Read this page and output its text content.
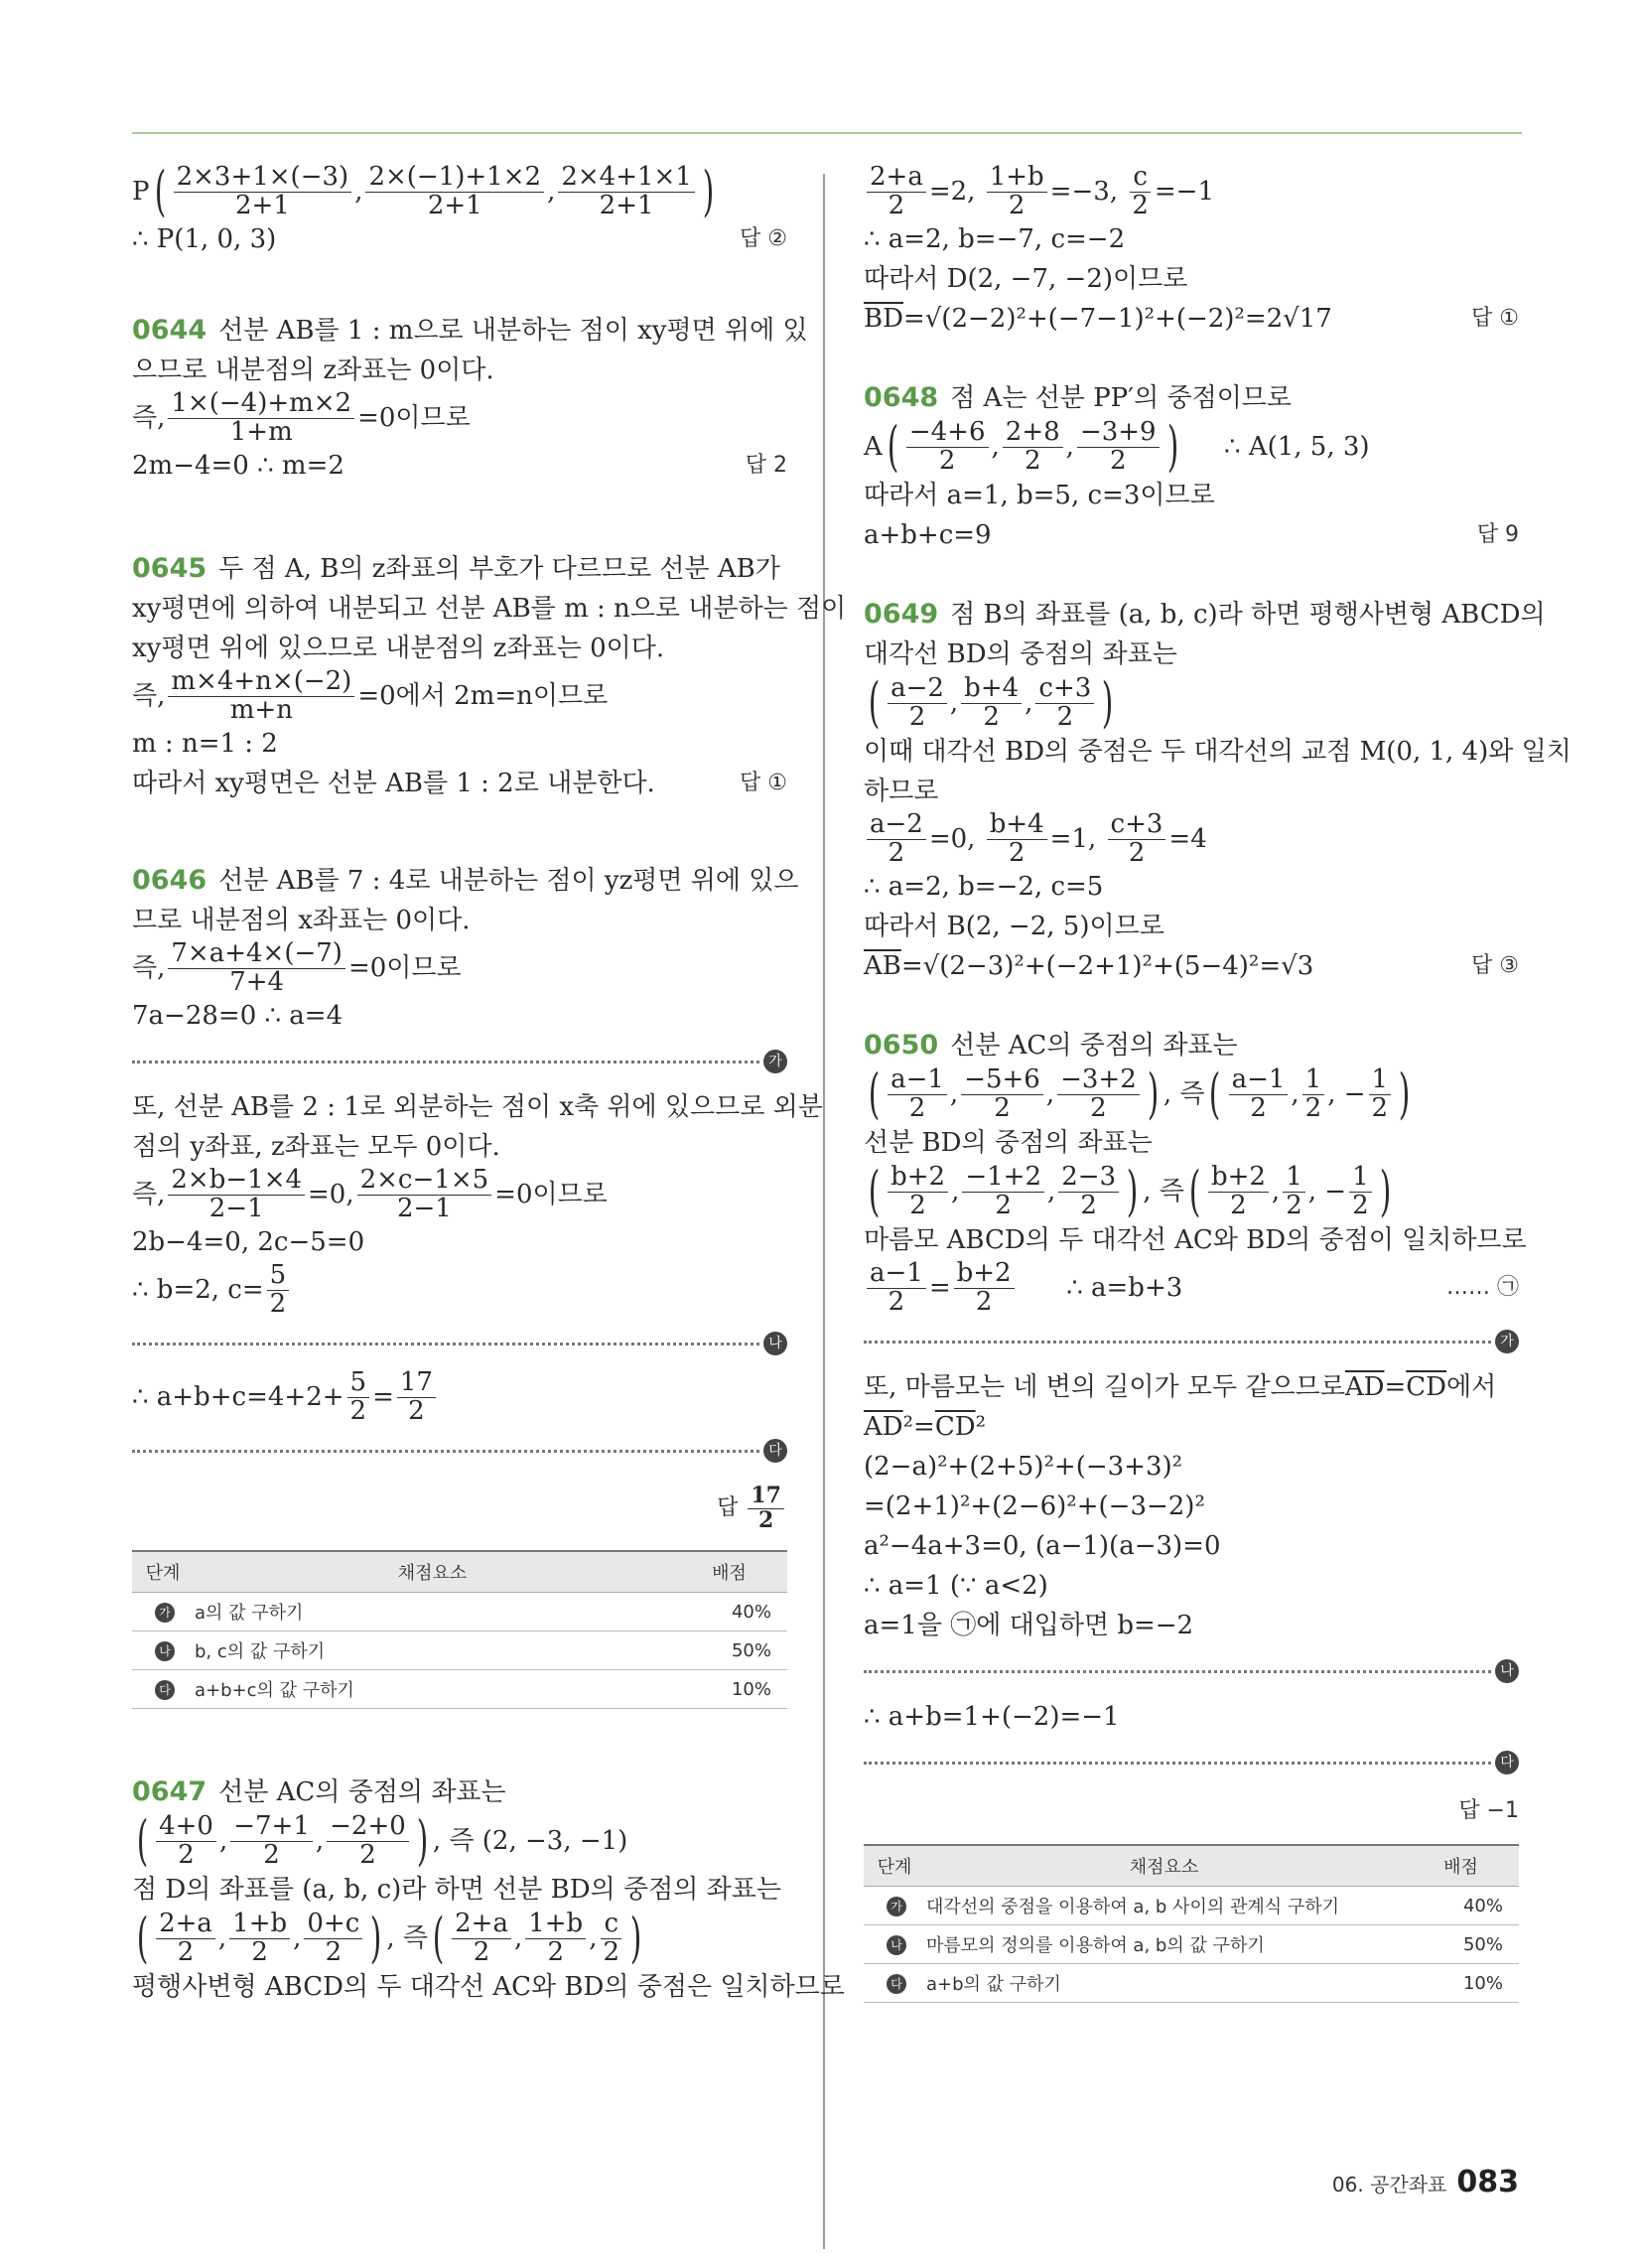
P ( 2×3+1×(−3)
2+1	, 2×(−1)+1×2
2+1	, 2×4+1×1
2+1 )
∴ P(1, 0, 3)	답 ②
0644 선분 AB를 1 : m으로 내분하는 점이 xy평면 위에 있
으므로 내분점의 z좌표는 0이다.
즉, $\frac{1\times(-4)+m\times 2}{1+m} =0$이므로
2m−4=0 ∴ m=2	답 2
0645 두 점 A, B의 z좌표의 부호가 다르므로 선분 AB가
xy평면에 의하여 내분되고 선분 AB를 m : n으로 내분하는 점이
xy평면 위에 있으므로 내분점의 z좌표는 0이다.
즉, $\frac{m\times 4+n\times(-2)}{m+n} =0$에서 2m=n이므로
m : n=1 : 2
따라서 xy평면은 선분 AB를 1 : 2로 내분한다.	답 ①
0646 선분 AB를 7 : 4로 내분하는 점이 yz평면 위에 있으
므로 내분점의 x좌표는 0이다.
즉, $\frac{7\times a+4\times(-7)}{7+4} =0$이므로
7a−28=0 ∴ a=4
가
또, 선분 AB를 2 : 1로 외분하는 점이 x축 위에 있으므로 외분
점의 y좌표, z좌표는 모두 0이다.
즉, $\frac{2\times b-1\times 4}{2-1} =0$, $\frac{2\times c-1\times 5}{2-1} =0$이므로
2b−4=0, 2c−5=0
∴ b=2, $c= \frac{5}{2}$
나
∴ $a+b+c=4+2+ \frac{5}{2} = \frac{17}{2}$
다
답
17
2
단계	채점요소	배점
가	a의 값 구하기	40%
나	b, c의 값 구하기	50%
다	a+b+c의 값 구하기	10%
0647 선분 AC의 중점의 좌표는
( 4+0
2 , −7+1
2 , −2+0
2 ) , 즉 (2, −3, −1)
점 D의 좌표를 (a, b, c)라 하면 선분 BD의 중점의 좌표는
( 2+a
2 , 1+b
2 , 0+c
2 ) , 즉 ( 2+a
2 , 1+b
2 , c
2 )
평행사변형 ABCD의 두 대각선 AC와 BD의 중점은 일치하므로
$\frac{2+a}{2} =2$,
$\frac{1+b}{2} =-3$,
$\frac{c}{2} =-1$
∴ a=2, b=−7, c=−2
따라서 D(2, −7, −2)이므로
$\overline{BD} =√(2-2)^2+(-7-1)^2+(-2)^2=2√17$	답 ①
0648 점 A는 선분 PP′의 중점이므로
A ( −4+6
2 , 2+8
2 , −3+9
2 )
∴ A(1, 5, 3)
따라서 a=1, b=5, c=3이므로
a+b+c=9	답 9
0649 점 B의 좌표를 (a, b, c)라 하면 평행사변형 ABCD의
대각선 BD의 중점의 좌표는
( a−2
2 , b+4
2 , c+3
2 )
이때 대각선 BD의 중점은 두 대각선의 교점 M(0, 1, 4)와 일치
하므로
$\frac{a-2}{2} =0$,
$\frac{b+4}{2} =1$,
$\frac{c+3}{2} =4$
∴ a=2, b=−2, c=5
따라서 B(2, −2, 5)이므로
$\overline{AB} =√(2-3)^2+(-2+1)^2+(5-4)^2=√3$	답 ③
0650 선분 AC의 중점의 좌표는
( a−1
2 , −5+6
2 , −3+2
2 ) , 즉 ( a−1
2 , 1
2 , − 1
2 )
선분 BD의 중점의 좌표는
( b+2
2 , −1+2
2 , 2−3
2 ) , 즉 ( b+2
2 , 1
2 , − 1
2 )
마름모 ABCD의 두 대각선 AC와 BD의 중점이 일치하므로
a−1
2 = b+2
2
	∴ a=b+3	…… ㉠
가
또, 마름모는 네 변의 길이가 모두 같으므로 $\overline{AD} = \overline{CD}$ 에서
$\overline{AD}$ $^2= \overline{CD}$ ²
(2−a)²+(2+5)²+(−3+3)²
=(2+1)²+(2−6)²+(−3−2)²
a²−4a+3=0, (a−1)(a−3)=0
∴ a=1 (∵ a<2)
a=1을 ㉠에 대입하면 b=−2
나
∴ a+b=1+(−2)=−1
다
답 −1
단계	채점요소	배점
가	대각선의 중점을 이용하여 a, b 사이의 관계식 구하기	40%
나	마름모의 정의를 이용하여 a, b의 값 구하기	50%
다	a+b의 값 구하기	10%
06. 공간좌표 083
